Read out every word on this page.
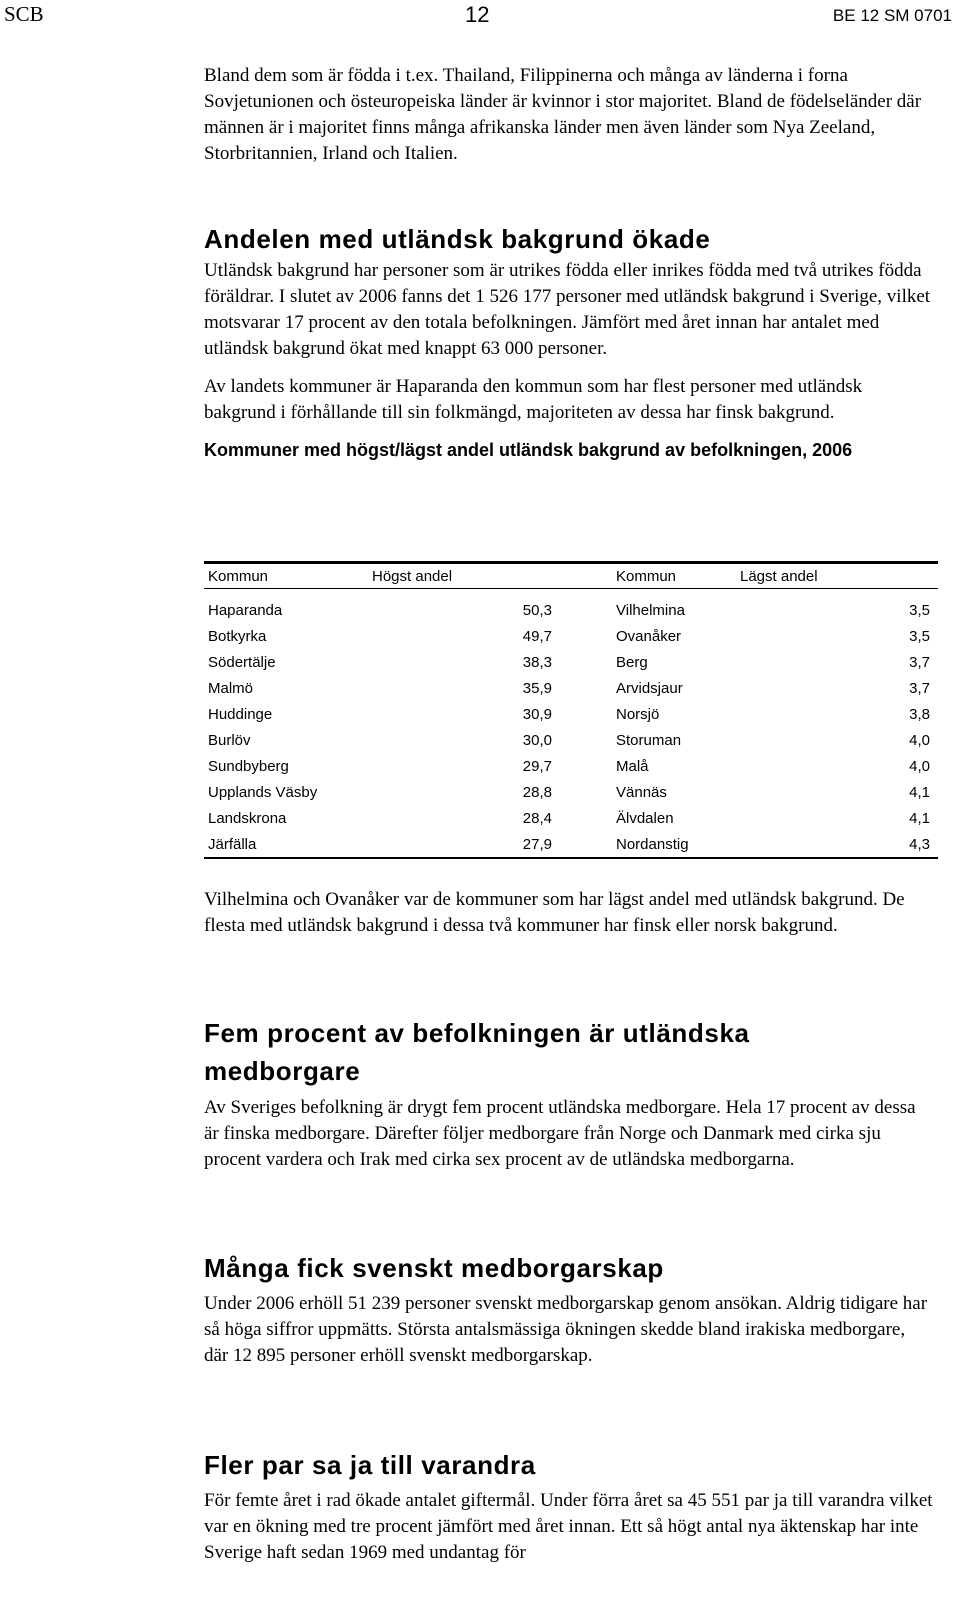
SCB	12	BE 12 SM 0701

Bland dem som är födda i t.ex. Thailand, Filippinerna och många av länderna i forna Sovjetunionen och östeuropeiska länder är kvinnor i stor majoritet. Bland de födelseländer där männen är i majoritet finns många afrikanska länder men även länder som Nya Zeeland, Storbritannien, Irland och Italien.

Andelen med utländsk bakgrund ökade

Utländsk bakgrund har personer som är utrikes födda eller inrikes födda med två utrikes födda föräldrar. I slutet av 2006 fanns det 1 526 177 personer med utländsk bakgrund i Sverige, vilket motsvarar 17 procent av den totala befolkningen. Jämfört med året innan har antalet med utländsk bakgrund ökat med knappt 63 000 personer.

Av landets kommuner är Haparanda den kommun som har flest personer med utländsk bakgrund i förhållande till sin folkmängd, majoriteten av dessa har finsk bakgrund.

Kommuner med högst/lägst andel utländsk bakgrund av befolkningen, 2006

Kommun	Högst andel	Kommun	Lägst andel

Haparanda	50,3	Vilhelmina	3,5
Botkyrka	49,7	Ovanåker	3,5
Södertälje	38,3	Berg	3,7
Malmö	35,9	Arvidsjaur	3,7
Huddinge	30,9	Norsjö	3,8
Burlöv	30,0	Storuman	4,0
Sundbyberg	29,7	Malå	4,0
Upplands Väsby	28,8	Vännäs	4,1
Landskrona	28,4	Älvdalen	4,1
Järfälla	27,9	Nordanstig	4,3

Vilhelmina och Ovanåker var de kommuner som har lägst andel med utländsk bakgrund. De flesta med utländsk bakgrund i dessa två kommuner har finsk eller norsk bakgrund.

Fem procent av befolkningen är utländska medborgare

Av Sveriges befolkning är drygt fem procent utländska medborgare. Hela 17 procent av dessa är finska medborgare. Därefter följer medborgare från Norge och Danmark med cirka sju procent vardera och Irak med cirka sex procent av de utländska medborgarna.

Många fick svenskt medborgarskap

Under 2006 erhöll 51 239 personer svenskt medborgarskap genom ansökan. Aldrig tidigare har så höga siffror uppmätts. Största antalsmässiga ökningen skedde bland irakiska medborgare, där 12 895 personer erhöll svenskt medborgarskap.

Fler par sa ja till varandra

För femte året i rad ökade antalet giftermål. Under förra året sa 45 551 par ja till varandra vilket var en ökning med tre procent jämfört med året innan. Ett så högt antal nya äktenskap har inte Sverige haft sedan 1969 med undantag för
